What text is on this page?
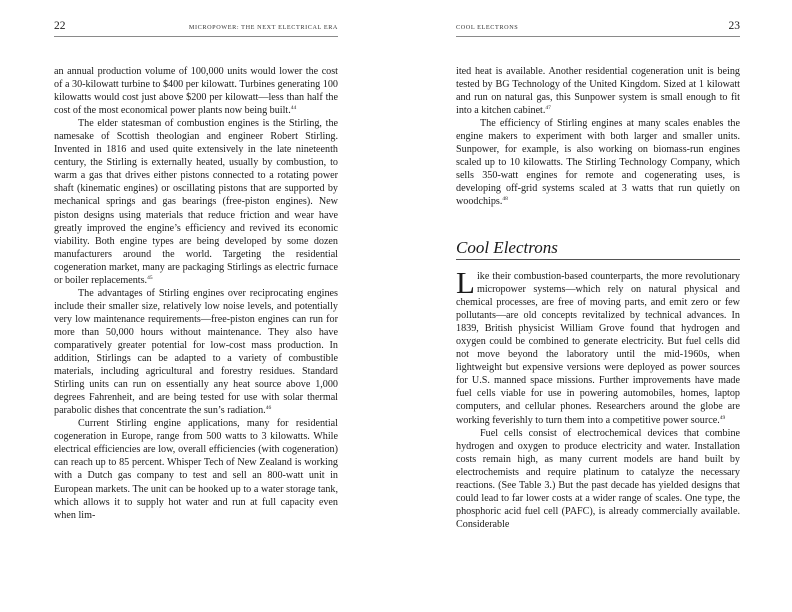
22	MICROPOWER: THE NEXT ELECTRICAL ERA

an annual production volume of 100,000 units would lower the cost of a 30-kilowatt turbine to $400 per kilowatt. Turbines generating 100 kilowatts would cost just above $200 per kilowatt—less than half the cost of the most economical power plants now being built.$^{44}$

The elder statesman of combustion engines is the Stirling, the namesake of Scottish theologian and engineer Robert Stirling. Invented in 1816 and used quite extensively in the late nineteenth century, the Stirling is externally heated, usually by combustion, to warm a gas that drives either pistons connected to a rotating power shaft (kinematic engines) or oscillating pistons that are supported by mechanical springs and gas bearings (free-piston engines). New piston designs using materials that reduce friction and wear have greatly improved the engine’s efficiency and revived its economic viability. Both engine types are being developed by some dozen manufacturers around the world. Targeting the residential cogeneration market, many are packaging Stirlings as electric furnace or boiler replacements.$^{45}$

The advantages of Stirling engines over reciprocating engines include their smaller size, relatively low noise levels, and potentially very low maintenance requirements—free-piston engines can run for more than 50,000 hours without maintenance. They also have comparatively greater potential for low-cost mass production. In addition, Stirlings can be adapted to a variety of combustible materials, including agricultural and forestry residues. Standard Stirling units can run on essentially any heat source above 1,000 degrees Fahrenheit, and are being tested for use with solar thermal parabolic dishes that concentrate the sun’s radiation.$^{46}$

Current Stirling engine applications, many for residential cogeneration in Europe, range from 500 watts to 3 kilowatts. While electrical efficiencies are low, overall efficiencies (with cogeneration) can reach up to 85 percent. Whisper Tech of New Zealand is working with a Dutch gas company to test and sell an 800-watt unit in European markets. The unit can be hooked up to a water storage tank, which allows it to supply hot water and run at full capacity even when lim-

COOL ELECTRONS	23

ited heat is available. Another residential cogeneration unit is being tested by BG Technology of the United Kingdom. Sized at 1 kilowatt and run on natural gas, this Sunpower system is small enough to fit into a kitchen cabinet.$^{47}$

The efficiency of Stirling engines at many scales enables the engine makers to experiment with both larger and smaller units. Sunpower, for example, is also working on biomass-run engines scaled up to 10 kilowatts. The Stirling Technology Company, which sells 350-watt engines for remote and cogenerating uses, is developing off-grid systems scaled at 3 watts that run quietly on woodchips.$^{48}$

Cool Electrons

Like their combustion-based counterparts, the more revolutionary micropower systems—which rely on natural physical and chemical processes, are free of moving parts, and emit zero or few pollutants—are old concepts revitalized by technical advances. In 1839, British physicist William Grove found that hydrogen and oxygen could be combined to generate electricity. But fuel cells did not move beyond the laboratory until the mid-1960s, when lightweight but expensive versions were deployed as power sources for U.S. manned space missions. Further improvements have made fuel cells viable for use in powering automobiles, homes, laptop computers, and cellular phones. Researchers around the globe are working feverishly to turn them into a competitive power source.$^{49}$

Fuel cells consist of electrochemical devices that combine hydrogen and oxygen to produce electricity and water. Installation costs remain high, as many current models are hand built by electrochemists and require platinum to catalyze the necessary reactions. (See Table 3.) But the past decade has yielded designs that could lead to far lower costs at a wider range of scales. One type, the phosphoric acid fuel cell (PAFC), is already commercially available. Considerable
